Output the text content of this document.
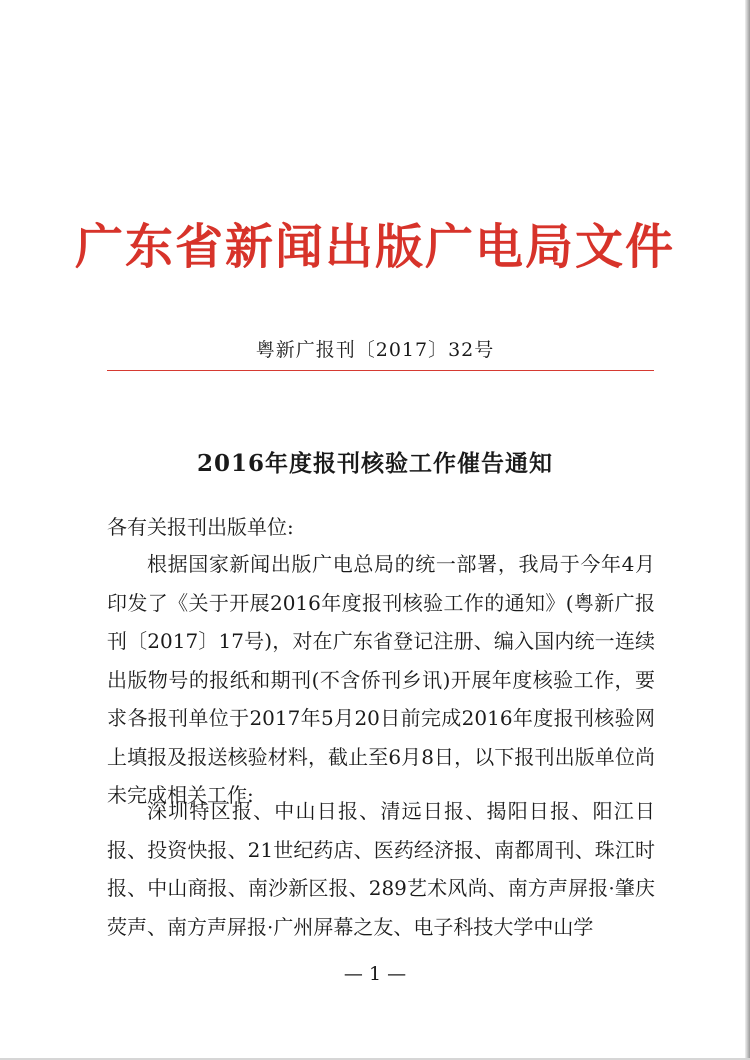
广东省新闻出版广电局文件
粤新广报刊〔2017〕32号
2016年度报刊核验工作催告通知

各有关报刊出版单位:

根据国家新闻出版广电总局的统一部署，我局于今年4月印发了《关于开展2016年度报刊核验工作的通知》(粤新广报刊〔2017〕17号)，对在广东省登记注册、编入国内统一连续出版物号的报纸和期刊(不含侨刊乡讯)开展年度核验工作，要求各报刊单位于2017年5月20日前完成2016年度报刊核验网上填报及报送核验材料，截止至6月8日，以下报刊出版单位尚未完成相关工作:

深圳特区报、中山日报、清远日报、揭阳日报、阳江日报、投资快报、21世纪药店、医药经济报、南都周刊、珠江时报、中山商报、南沙新区报、289艺术风尚、南方声屏报·肇庆荧声、南方声屏报·广州屏幕之友、电子科技大学中山学

— 1 —
